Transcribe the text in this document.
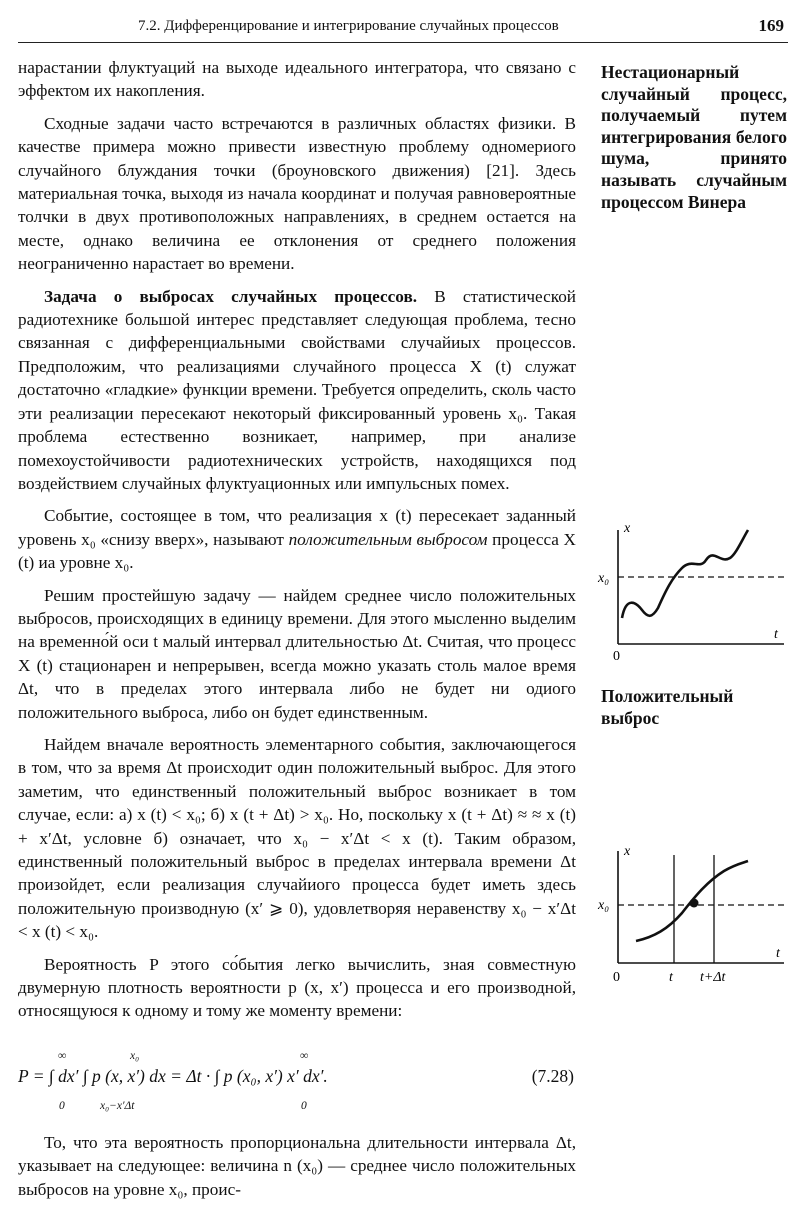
7.2. Дифференцирование и интегрирование случайных процессов	169

нарастании флуктуаций на выходе идеального интегратора, что связано с эффектом их накопления.

Сходные задачи часто встречаются в различных областях физики. В качестве примера можно привести известную проблему одномериого случайного блуждания точки (броуновского движения) [21]. Здесь материальная точка, выходя из начала координат и получая равновероятные толчки в двух противоположных направлениях, в среднем остается на месте, однако величина ее отклонения от среднего положения неограниченно нарастает во времени.

Задача о выбросах случайных процессов. В статистической радиотехнике большой интерес представляет следующая проблема, тесно связанная с дифференциальными свойствами случайиых процессов. Предположим, что реализациями случайного процесса X (t) служат достаточно «гладкие» функции времени. Требуется определить, сколь часто эти реализации пересекают некоторый фиксированный уровень x₀. Такая проблема естественно возникает, например, при анализе помехоустойчивости радиотехнических устройств, находящихся под воздействием случайных флуктуационных или импульсных помех.

Событие, состоящее в том, что реализация x (t) пересекает заданный уровень x₀ «снизу вверх», называют положительным выбросом процесса X (t) иа уровне x₀.

Решим простейшую задачу — найдем среднее число положительных выбросов, происходящих в единицу времени. Для этого мысленно выделим на временно́й оси t малый интервал длительностью Δt. Считая, что процесс X (t) стационарен и непрерывен, всегда можно указать столь малое время Δt, что в пределах этого интервала либо не будет ни одиого положительного выброса, либо он будет единственным.

Найдем вначале вероятность элементарного события, заключающегося в том, что за время Δt происходит один положительный выброс. Для этого заметим, что единственный положительный выброс возникает в том случае, если: а) x (t) < x₀; б) x (t + Δt) > x₀. Но, поскольку x (t + Δt) ≈ ≈ x (t) + x′Δt, условне б) означает, что x₀ − x′Δt < x (t). Таким образом, единственный положительный выброс в пределах интервала времени Δt произойдет, если реализация случайиого процесса будет иметь здесь положительную производную (x′ ⩾ 0), удовлетворяя неравенству x₀ − x′Δt < x (t) < x₀.

Вероятность P этого со́бытия легко вычислить, зная совместную двумерную плотность вероятности p (x, x′) процесса и его производной, относящуюся к одному и тому же моменту времени:

∞
0
x₀
x₀−x′Δt
∞
0
P = ∫ dx′ ∫ p (x, x′) dx = Δt · ∫ p (x₀, x′) x′ dx′.	(7.28)

То, что эта вероятность пропорциональна длительности интервала Δt, указывает на следующее: величина n (x₀) — среднее число положительных выбросов на уровне x₀, проис-

Нестационарный случайный процесс, получаемый путем интегрирования белого шума, принято называть случайным процессом Винера
Положительный выброс
x
x₀
t
0
x
x₀
t
0	t t+Δt
